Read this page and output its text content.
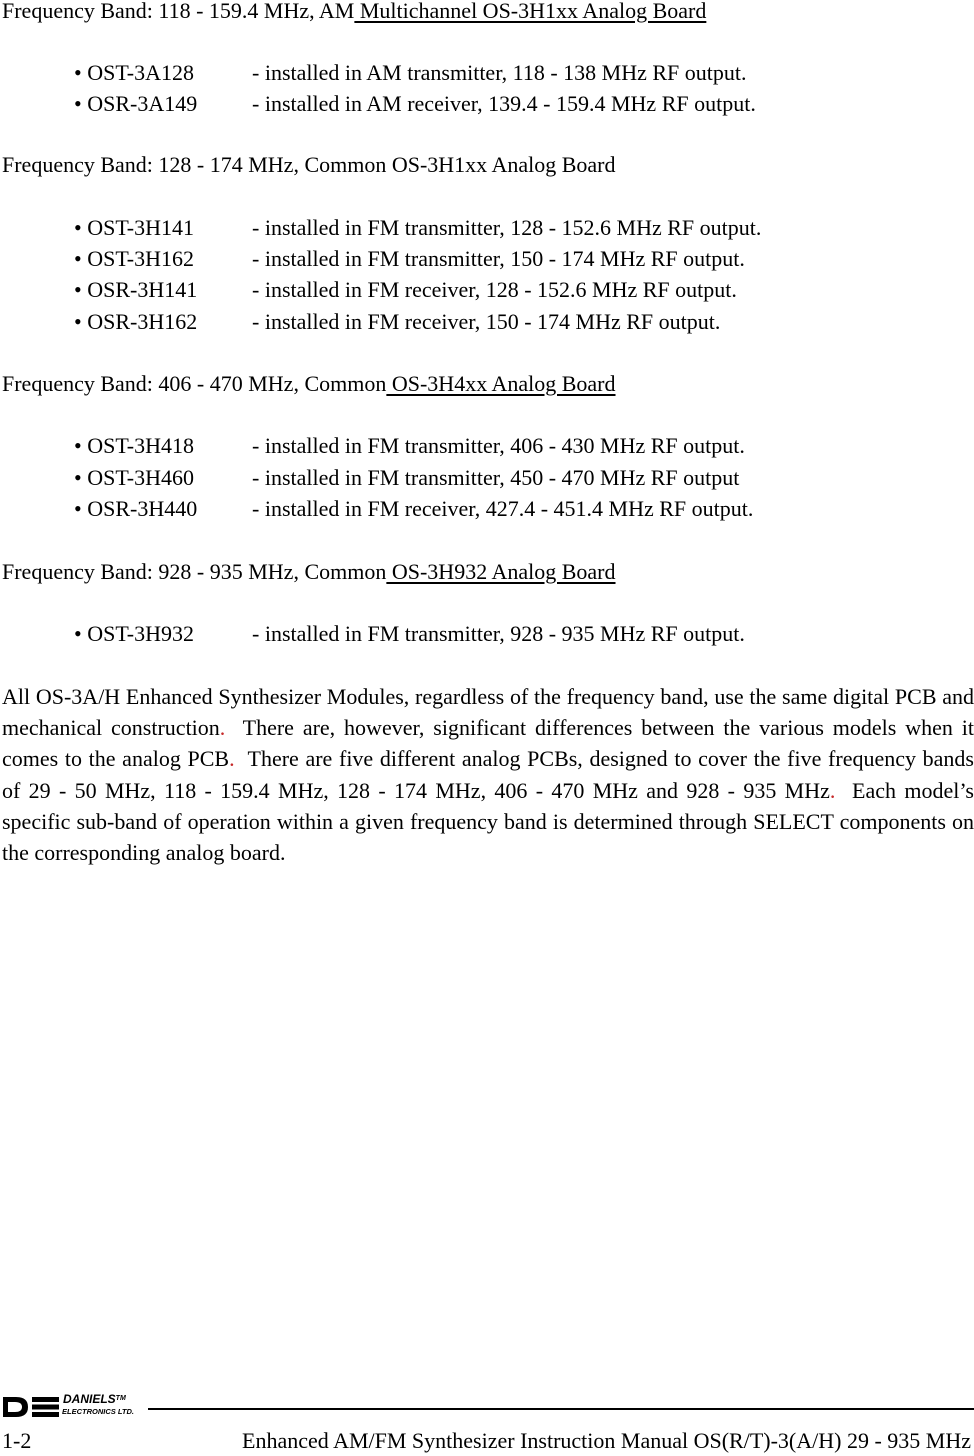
Frequency Band: 118 - 159.4 MHz, AM Multichannel OS-3H1xx Analog Board
• OST-3A128	- installed in AM transmitter, 118 - 138 MHz RF output.
• OSR-3A149 - installed in AM receiver, 139.4 - 159.4 MHz RF output.
Frequency Band: 128 - 174 MHz, Common OS-3H1xx Analog Board
• OST-3H141	- installed in FM transmitter, 128 - 152.6 MHz RF output.
• OST-3H162	- installed in FM transmitter, 150 - 174 MHz RF output.
• OSR-3H141 - installed in FM receiver, 128 - 152.6 MHz RF output.
• OSR-3H162 - installed in FM receiver, 150 - 174 MHz RF output.
Frequency Band: 406 - 470 MHz, Common OS-3H4xx Analog Board
• OST-3H418	- installed in FM transmitter, 406 - 430 MHz RF output.
• OST-3H460	- installed in FM transmitter, 450 - 470 MHz RF output
• OSR-3H440 - installed in FM receiver, 427.4 - 451.4 MHz RF output.
Frequency Band: 928 - 935 MHz, Common OS-3H932 Analog Board
• OST-3H932	- installed in FM transmitter, 928 - 935 MHz RF output.
All OS-3A/H Enhanced Synthesizer Modules, regardless of the frequency band, use the same digital PCB and mechanical construction.  There are, however, significant differences between the various models when it comes to the analog PCB.  There are five different analog PCBs, designed to cover the five frequency bands of 29 - 50 MHz, 118 - 159.4 MHz, 128 - 174 MHz, 406 - 470 MHz and 928 - 935 MHz.  Each model’s specific sub-band of operation within a given frequency band is determined through SELECT components on the corresponding analog board.
DANIELS™
ELECTRONICS LTD.
1-2	Enhanced AM/FM Synthesizer Instruction Manual OS(R/T)-3(A/H) 29 - 935 MHz
